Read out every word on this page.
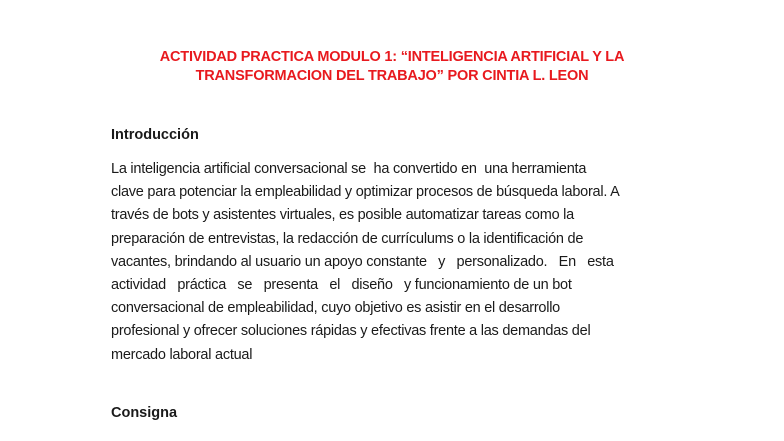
ACTIVIDAD PRACTICA MODULO 1: “INTELIGENCIA ARTIFICIAL Y LA
TRANSFORMACION DEL TRABAJO” POR CINTIA L. LEON
Introducción
La inteligencia artificial conversacional se  ha convertido en  una herramienta
clave para potenciar la empleabilidad y optimizar procesos de búsqueda laboral. A
través de bots y asistentes virtuales, es posible automatizar tareas como la
preparación de entrevistas, la redacción de currículums o la identificación de
vacantes, brindando al usuario un apoyo constante   y   personalizado.   En   esta
actividad   práctica   se   presenta   el   diseño   y funcionamiento de un bot
conversacional de empleabilidad, cuyo objetivo es asistir en el desarrollo
profesional y ofrecer soluciones rápidas y efectivas frente a las demandas del
mercado laboral actual
Consigna
